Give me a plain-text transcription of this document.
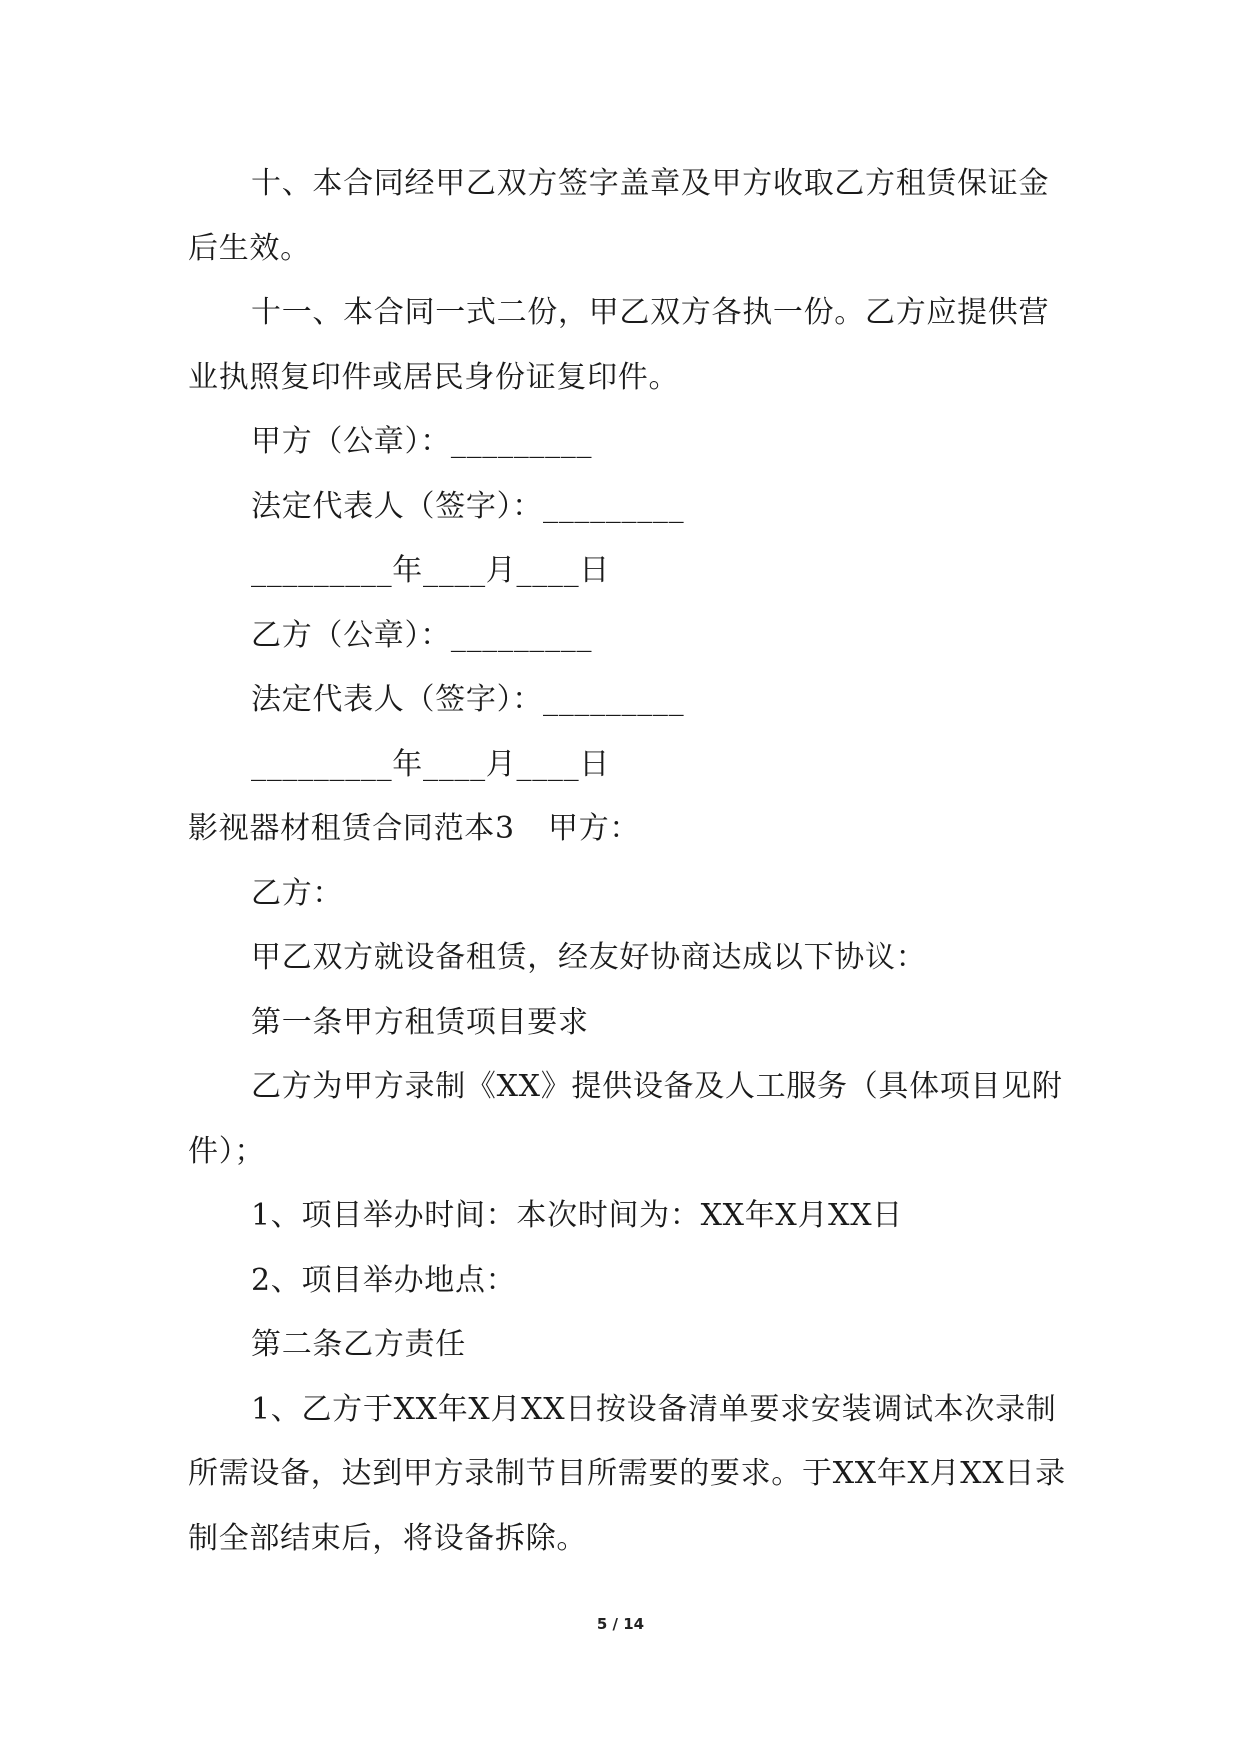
十、本合同经甲乙双方签字盖章及甲方收取乙方租赁保证金后生效。

十一、本合同一式二份，甲乙双方各执一份。乙方应提供营业执照复印件或居民身份证复印件。

甲方（公章）：_________

法定代表人（签字）：_________

_________年____月____日

乙方（公章）：_________

法定代表人（签字）：_________

_________年____月____日

影视器材租赁合同范本3	甲方：

乙方：

甲乙双方就设备租赁，经友好协商达成以下协议：

第一条甲方租赁项目要求

乙方为甲方录制《XX》提供设备及人工服务（具体项目见附件）；

1、项目举办时间：本次时间为：XX年X月XX日

2、项目举办地点：

第二条乙方责任

1、乙方于XX年X月XX日按设备清单要求安装调试本次录制所需设备，达到甲方录制节目所需要的要求。于XX年X月XX日录制全部结束后，将设备拆除。

5 / 14
